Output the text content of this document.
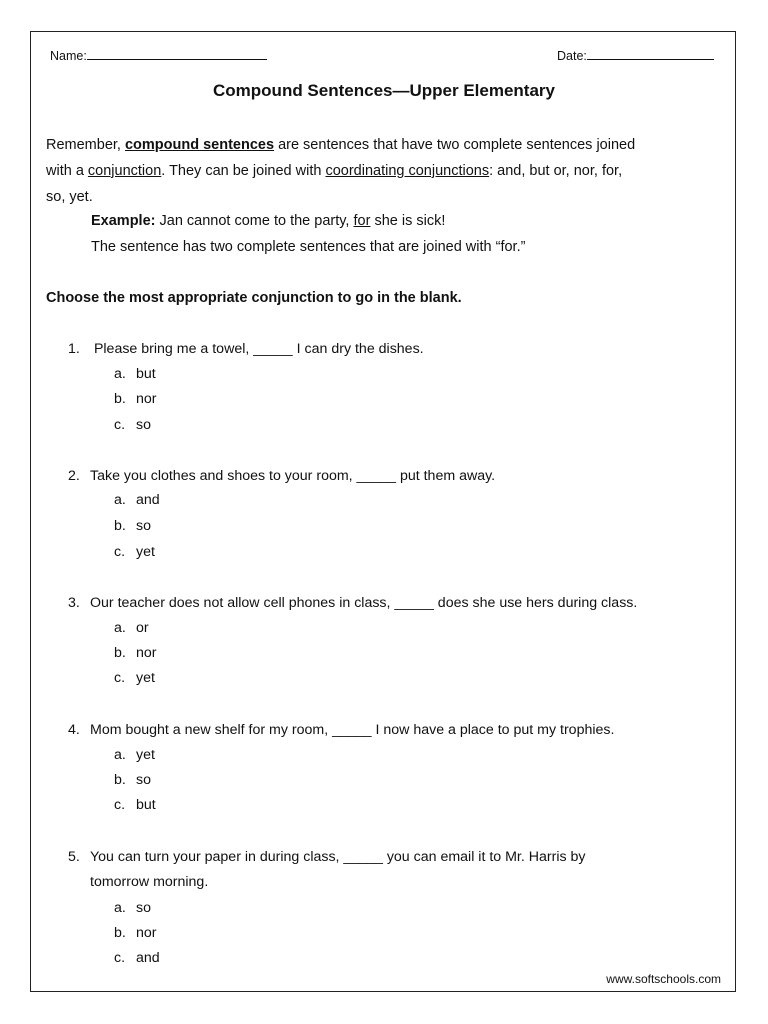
Name:	Date:
Compound Sentences—Upper Elementary
Remember, compound sentences are sentences that have two complete sentences joined
with a conjunction. They can be joined with coordinating conjunctions: and, but or, nor, for,
so, yet.
Example: Jan cannot come to the party, for she is sick!
The sentence has two complete sentences that are joined with “for.”
Choose the most appropriate conjunction to go in the blank.
1. Please bring me a towel, _____ I can dry the dishes.
a. but
b. nor
c. so
2. Take you clothes and shoes to your room, _____ put them away.
a. and
b. so
c. yet
3. Our teacher does not allow cell phones in class, _____ does she use hers during class.
a. or
b. nor
c. yet
4. Mom bought a new shelf for my room, _____ I now have a place to put my trophies.
a. yet
b. so
c. but
5. You can turn your paper in during class, _____ you can email it to Mr. Harris by
tomorrow morning.
a. so
b. nor
c. and
www.softschools.com
